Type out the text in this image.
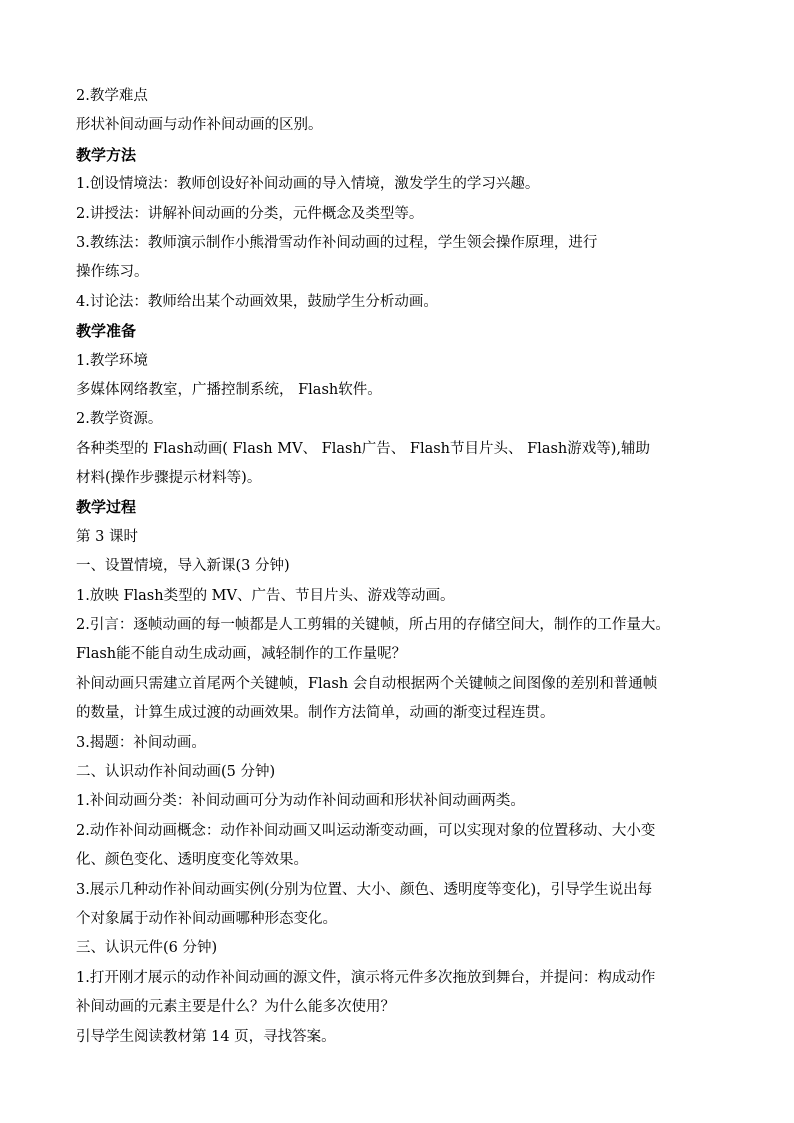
2.教学难点
形状补间动画与动作补间动画的区别。
教学方法
1.创设情境法：教师创设好补间动画的导入情境，激发学生的学习兴趣。
2.讲授法：讲解补间动画的分类，元件概念及类型等。
3.教练法：教师演示制作小熊滑雪动作补间动画的过程，学生领会操作原理，进行
操作练习。
4.讨论法：教师给出某个动画效果，鼓励学生分析动画。
教学准备
1.教学环境
多媒体网络教室，广播控制系统， Flash软件。
2.教学资源。
各种类型的 Flash动画( Flash MV、 Flash广告、 Flash节目片头、 Flash游戏等),辅助
材料(操作步骤提示材料等)。
教学过程
第 3 课时
一、设置情境，导入新课(3 分钟)
1.放映 Flash类型的 MV、广告、节目片头、游戏等动画。
2.引言：逐帧动画的每一帧都是人工剪辑的关键帧，所占用的存储空间大，制作的工作量大。
Flash能不能自动生成动画，减轻制作的工作量呢？
补间动画只需建立首尾两个关键帧，Flash 会自动根据两个关键帧之间图像的差别和普通帧
的数量，计算生成过渡的动画效果。制作方法简单，动画的渐变过程连贯。
3.揭题：补间动画。
二、认识动作补间动画(5 分钟)
1.补间动画分类：补间动画可分为动作补间动画和形状补间动画两类。
2.动作补间动画概念：动作补间动画又叫运动渐变动画，可以实现对象的位置移动、大小变
化、颜色变化、透明度变化等效果。
3.展示几种动作补间动画实例(分别为位置、大小、颜色、透明度等变化)，引导学生说出每
个对象属于动作补间动画哪种形态变化。
三、认识元件(6 分钟)
1.打开刚才展示的动作补间动画的源文件，演示将元件多次拖放到舞台，并提问：构成动作
补间动画的元素主要是什么？为什么能多次使用？
引导学生阅读教材第 14 页，寻找答案。
